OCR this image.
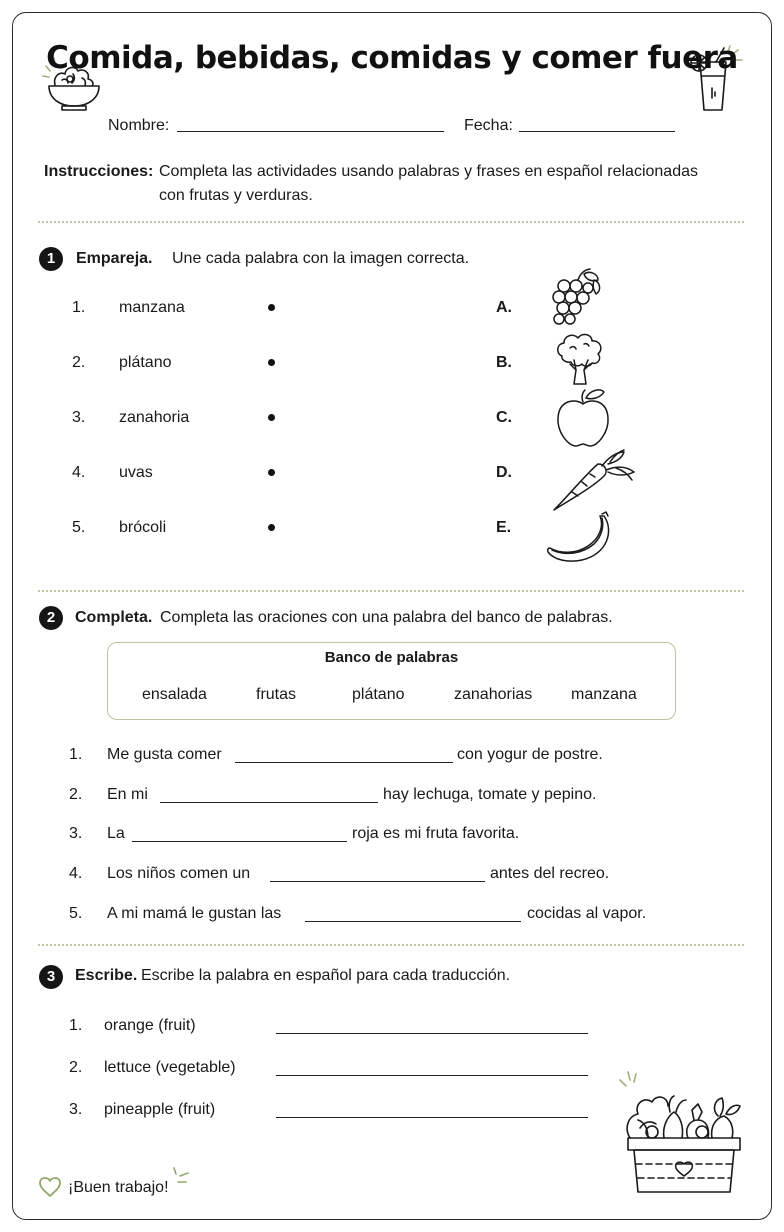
Comida, bebidas, comidas y comer fuera
Nombre:	Fecha:
Instrucciones: Completa las actividades usando palabras y frases en español relacionadas
con frutas y verduras.
1	Empareja. Une cada palabra con la imagen correcta.
1. manzana	A.
2. plátano	B.
3. zanahoria	C.
4. uvas	D.
5. brócoli	E.
2	Completa. Completa las oraciones con una palabra del banco de palabras.
Banco de palabras
ensalada	frutas	plátano	zanahorias manzana
1. Me gusta comer	con yogur de postre.
2. En mi	hay lechuga, tomate y pepino.
3. La	roja es mi fruta favorita.
4. Los niños comen un	antes del recreo.
5. A mi mamá le gustan las	cocidas al vapor.
3	Escribe. Escribe la palabra en español para cada traducción.
1. orange (fruit)
2. lettuce (vegetable)
3. pineapple (fruit)
¡Buen trabajo!
